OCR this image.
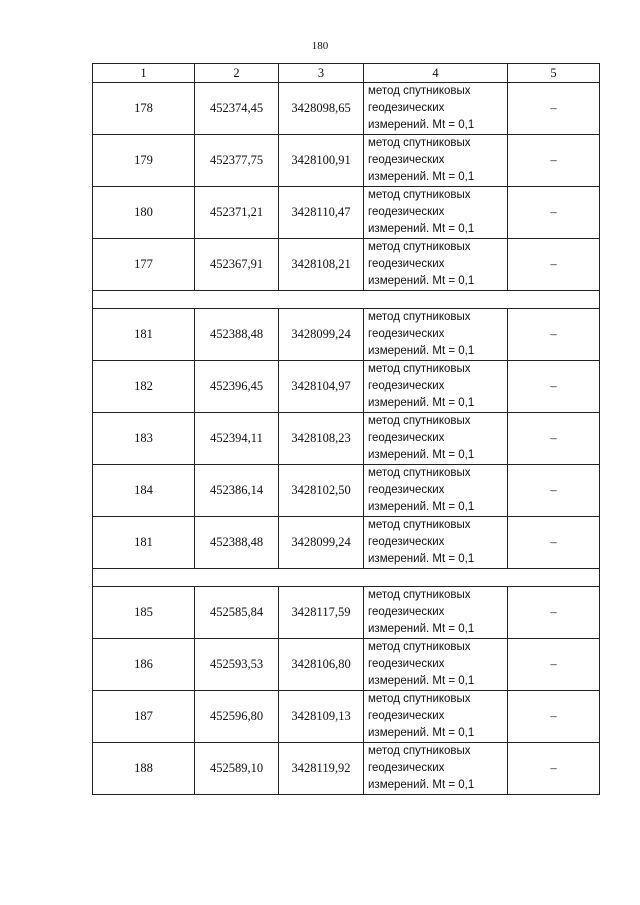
180
1	2	3	4	5
178	452374,45	3428098,65	метод спутниковых
геодезических
измерений. Mt = 0,1	–
179	452377,75	3428100,91	метод спутниковых
геодезических
измерений. Mt = 0,1	–
180	452371,21	3428110,47	метод спутниковых
геодезических
измерений. Mt = 0,1	–
177	452367,91	3428108,21	метод спутниковых
геодезических
измерений. Mt = 0,1	–

181	452388,48	3428099,24	метод спутниковых
геодезических
измерений. Mt = 0,1	–
182	452396,45	3428104,97	метод спутниковых
геодезических
измерений. Mt = 0,1	–
183	452394,11	3428108,23	метод спутниковых
геодезических
измерений. Mt = 0,1	–
184	452386,14	3428102,50	метод спутниковых
геодезических
измерений. Mt = 0,1	–
181	452388,48	3428099,24	метод спутниковых
геодезических
измерений. Mt = 0,1	–

185	452585,84	3428117,59	метод спутниковых
геодезических
измерений. Mt = 0,1	–
186	452593,53	3428106,80	метод спутниковых
геодезических
измерений. Mt = 0,1	–
187	452596,80	3428109,13	метод спутниковых
геодезических
измерений. Mt = 0,1	–
188	452589,10	3428119,92	метод спутниковых
геодезических
измерений. Mt = 0,1	–
